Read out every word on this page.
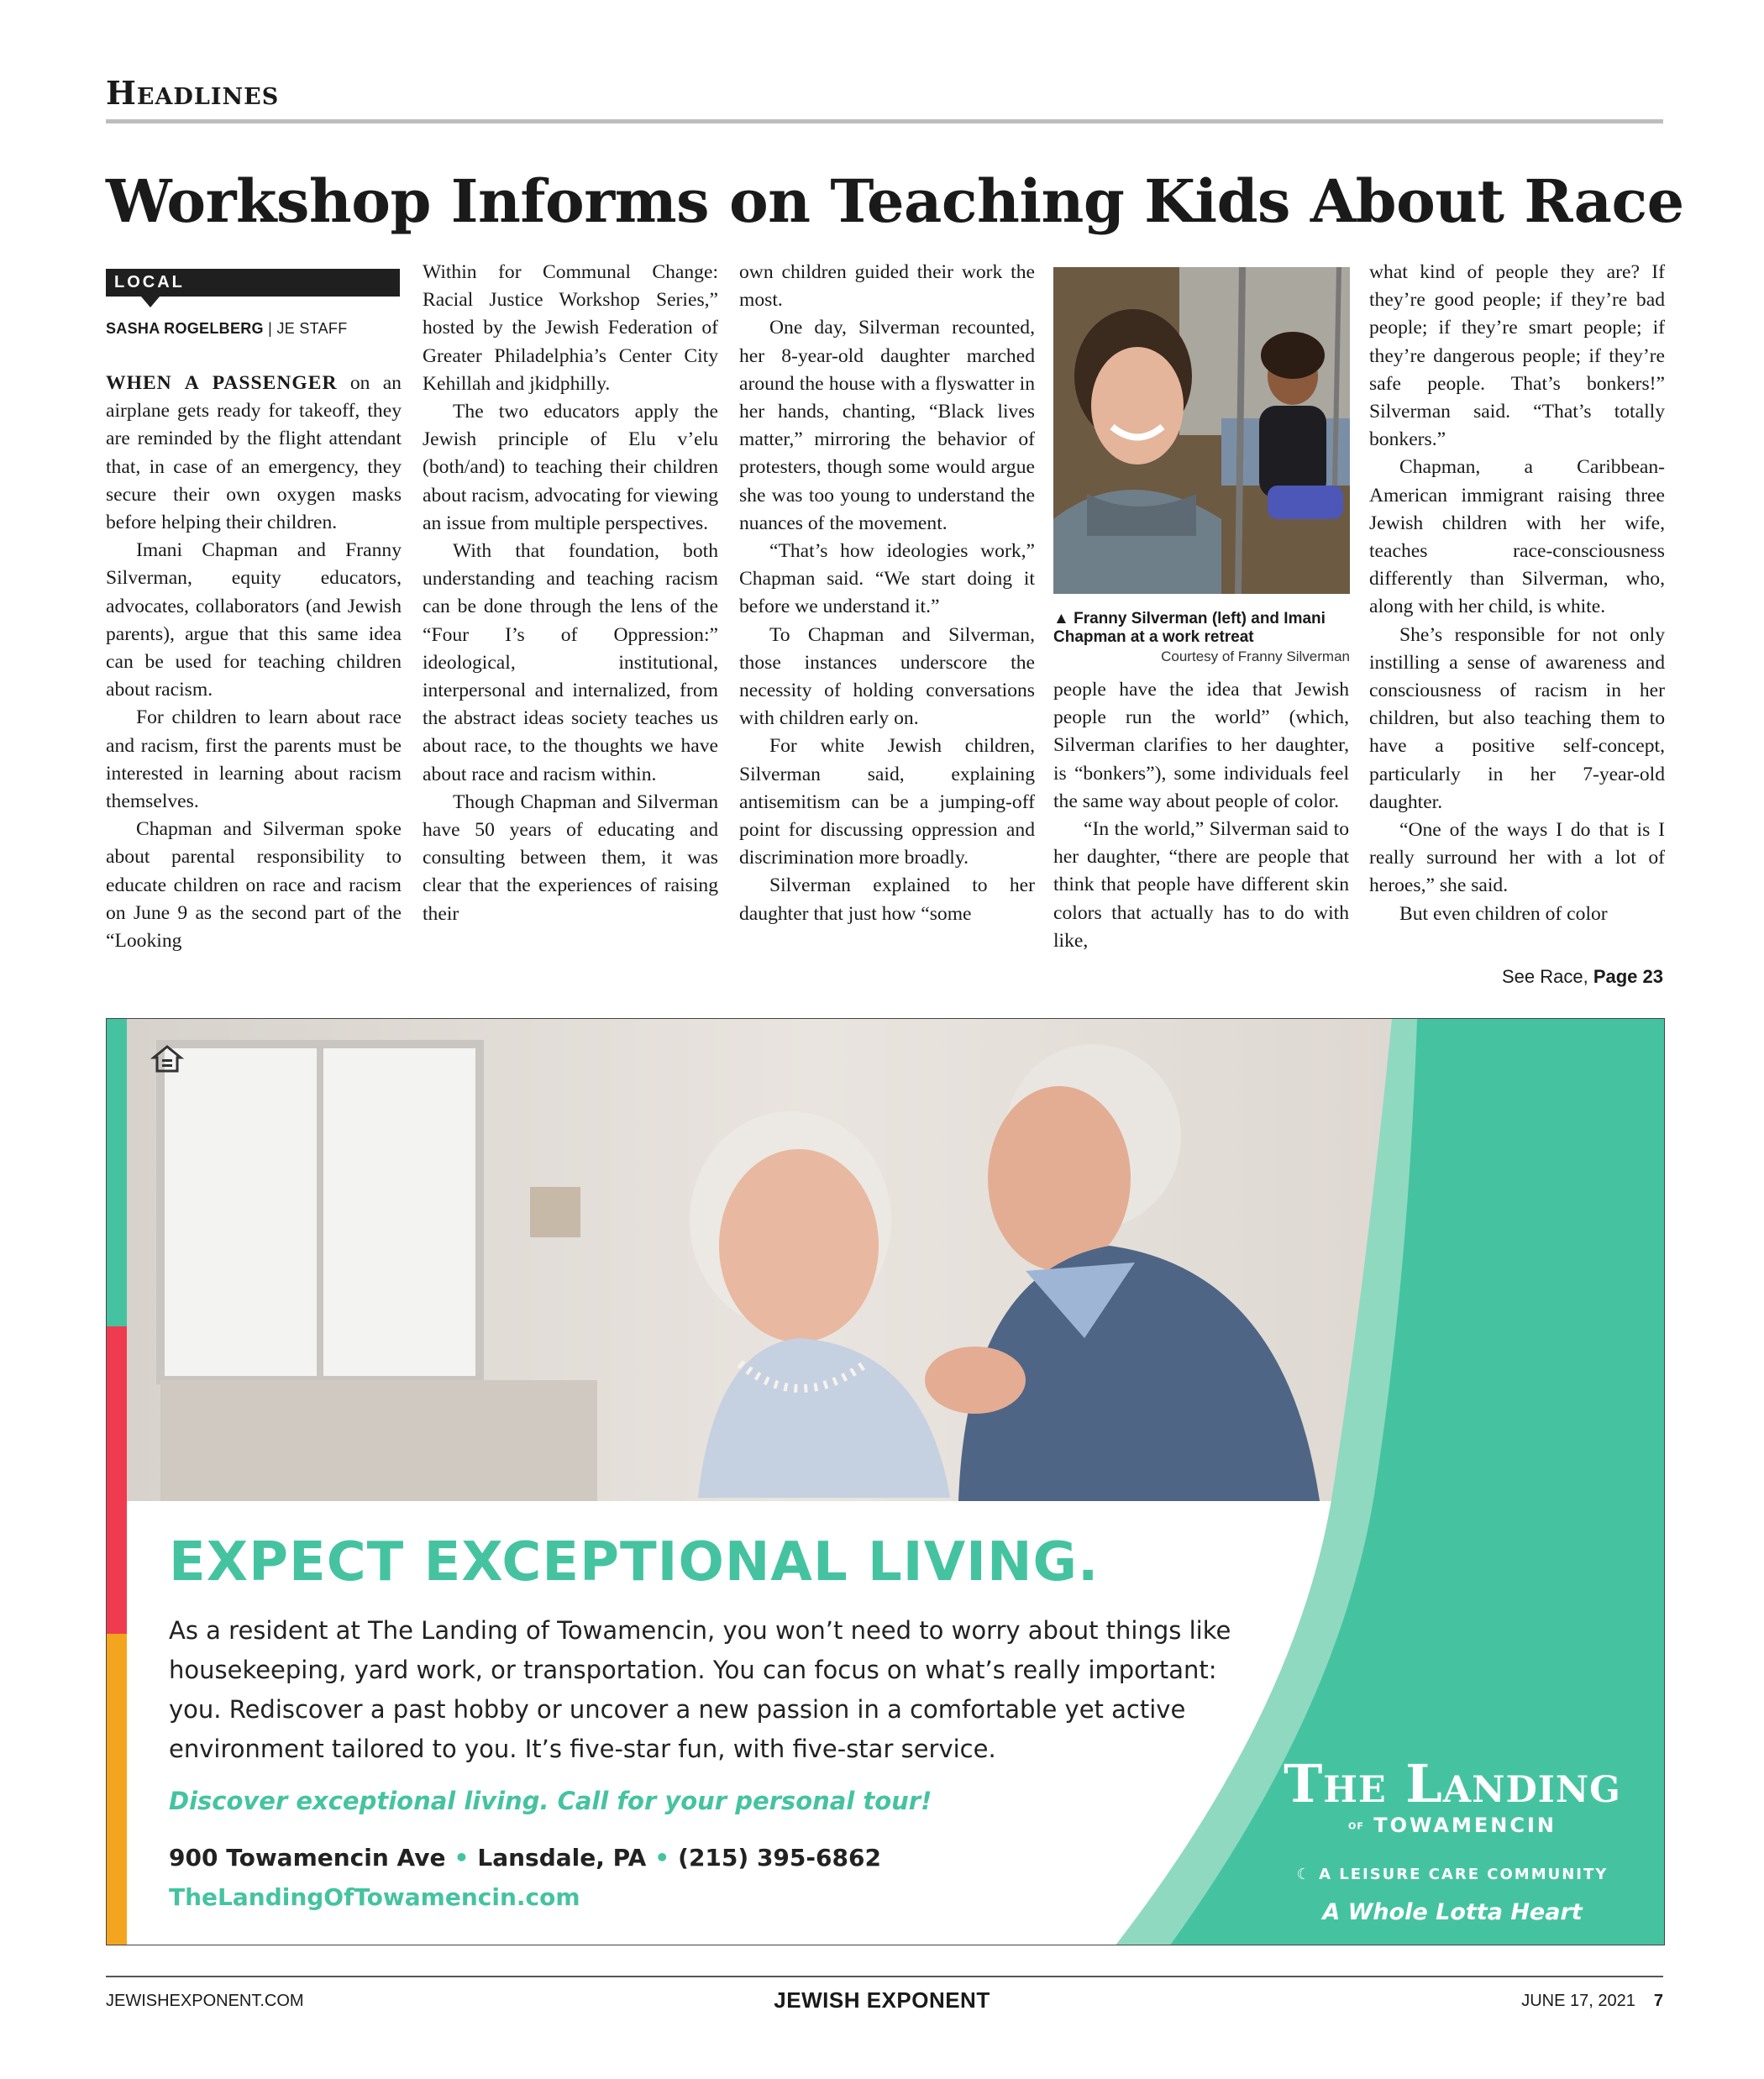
Headlines
Workshop Informs on Teaching Kids About Race
LOCAL
SASHA ROGELBERG | JE STAFF

WHEN A PASSENGER on an airplane gets ready for takeoff, they are reminded by the flight attendant that, in case of an emergency, they secure their own oxygen masks before helping their children.

Imani Chapman and Franny Silverman, equity educators, advocates, collaborators (and Jewish parents), argue that this same idea can be used for teaching children about racism.

For children to learn about race and racism, first the parents must be interested in learning about racism themselves.

Chapman and Silverman spoke about parental responsibility to educate children on race and racism on June 9 as the second part of the “Looking

Within for Communal Change: Racial Justice Workshop Series,” hosted by the Jewish Federation of Greater Philadelphia’s Center City Kehillah and jkidphilly.

The two educators apply the Jewish principle of Elu v’elu (both/and) to teaching their children about racism, advocating for viewing an issue from multiple perspectives.

With that foundation, both understanding and teaching racism can be done through the lens of the “Four I’s of Oppression:” ideological, institutional, interpersonal and internalized, from the abstract ideas society teaches us about race, to the thoughts we have about race and racism within.

Though Chapman and Silverman have 50 years of educating and consulting between them, it was clear that the experiences of raising their

own children guided their work the most.

One day, Silverman recounted, her 8-year-old daughter marched around the house with a flyswatter in her hands, chanting, “Black lives matter,” mirroring the behavior of protesters, though some would argue she was too young to understand the nuances of the movement.

“That’s how ideologies work,” Chapman said. “We start doing it before we understand it.”

To Chapman and Silverman, those instances underscore the necessity of holding conversations with children early on.

For white Jewish children, Silverman said, explaining antisemitism can be a jumping-off point for discussing oppression and discrimination more broadly.

Silverman explained to her daughter that just how “some

▲ Franny Silverman (left) and Imani Chapman at a work retreat
Courtesy of Franny Silverman

people have the idea that Jewish people run the world” (which, Silverman clarifies to her daughter, is “bonkers”), some individuals feel the same way about people of color.

“In the world,” Silverman said to her daughter, “there are people that think that people have different skin colors that actually has to do with like,

what kind of people they are? If they’re good people; if they’re bad people; if they’re smart people; if they’re dangerous people; if they’re safe people. That’s bonkers!” Silverman said. “That’s totally bonkers.”

Chapman, a Caribbean-American immigrant raising three Jewish children with her wife, teaches race-consciousness differently than Silverman, who, along with her child, is white.

She’s responsible for not only instilling a sense of awareness and consciousness of racism in her children, but also teaching them to have a positive self-concept, particularly in her 7-year-old daughter.

“One of the ways I do that is I really surround her with a lot of heroes,” she said.

But even children of color

See Race, Page 23
EXPECT EXCEPTIONAL LIVING.
As a resident at The Landing of Towamencin, you won’t need to worry about things like housekeeping, yard work, or transportation. You can focus on what’s really important: you. Rediscover a past hobby or uncover a new passion in a comfortable yet active environment tailored to you. It’s five-star fun, with five-star service.
Discover exceptional living. Call for your personal tour!
900 Towamencin Ave • Lansdale, PA • (215) 395-6862
TheLandingOfTowamencin.com
The Landing
OF TOWAMENCIN
☾ A LEISURE CARE COMMUNITY
A Whole Lotta Heart
JEWISHEXPONENT.COM	JEWISH EXPONENT	JUNE 17, 2021 7
